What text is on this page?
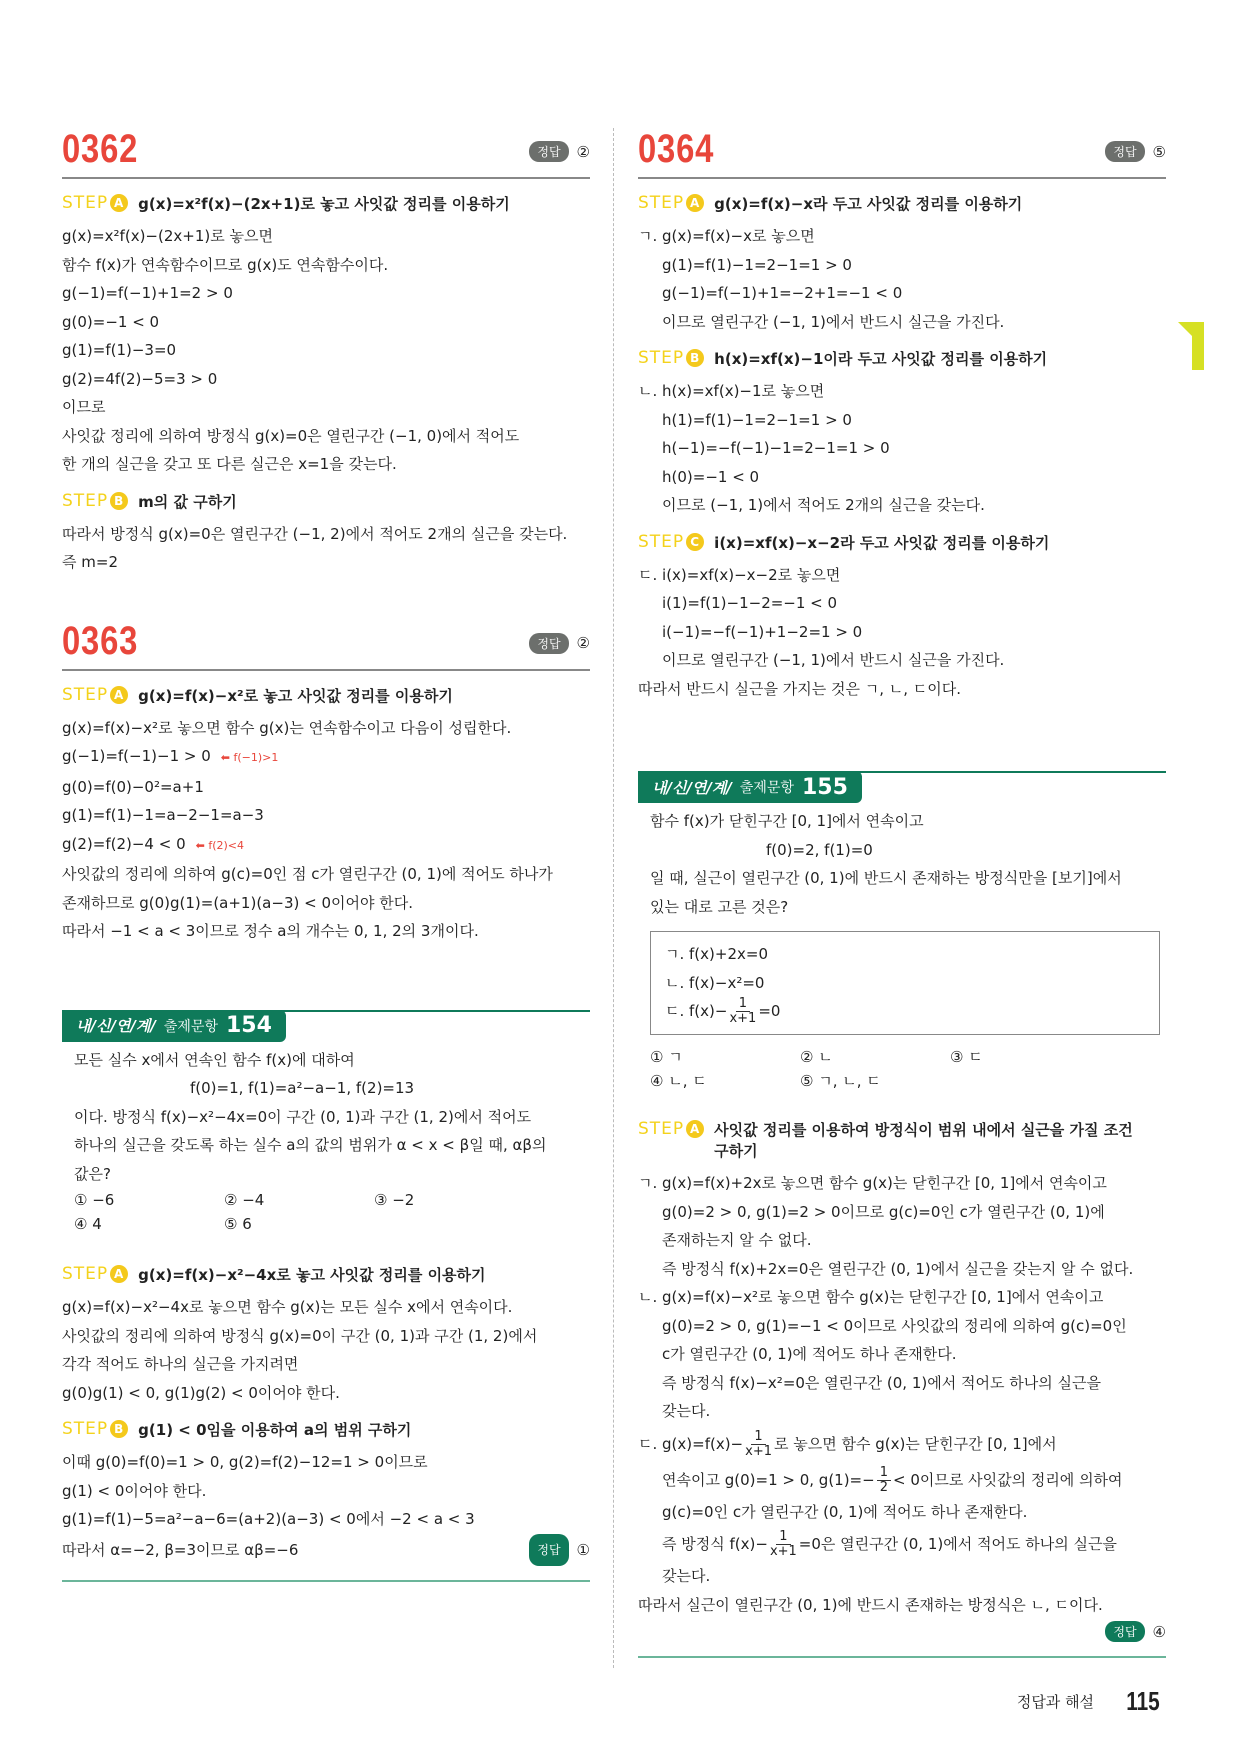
0362	정답	②
STEP A g(x)=x²f(x)−(2x+1)로 놓고 사잇값 정리를 이용하기
g(x)=x²f(x)−(2x+1)로 놓으면
함수 f(x)가 연속함수이므로 g(x)도 연속함수이다.
g(−1)=f(−1)+1=2 > 0
g(0)=−1 < 0
g(1)=f(1)−3=0
g(2)=4f(2)−5=3 > 0
이므로
사잇값 정리에 의하여 방정식 g(x)=0은 열린구간 (−1, 0)에서 적어도
한 개의 실근을 갖고 또 다른 실근은 x=1을 갖는다.
STEP B m의 값 구하기
따라서 방정식 g(x)=0은 열린구간 (−1, 2)에서 적어도 2개의 실근을 갖는다.
즉 m=2
0363	정답	②
STEP A g(x)=f(x)−x²로 놓고 사잇값 정리를 이용하기
g(x)=f(x)−x²로 놓으면 함수 g(x)는 연속함수이고 다음이 성립한다.
g(−1)=f(−1)−1 > 0 ⬅ f(−1)>1
g(0)=f(0)−0²=a+1
g(1)=f(1)−1=a−2−1=a−3
g(2)=f(2)−4 < 0 ⬅ f(2)<4
사잇값의 정리에 의하여 g(c)=0인 점 c가 열린구간 (0, 1)에 적어도 하나가
존재하므로 g(0)g(1)=(a+1)(a−3) < 0이어야 한다.
따라서 −1 < a < 3이므로 정수 a의 개수는 0, 1, 2의 3개이다.
내/신/연/계/ 출제문항 154
모든 실수 x에서 연속인 함수 f(x)에 대하여
f(0)=1, f(1)=a²−a−1, f(2)=13
이다. 방정식 f(x)−x²−4x=0이 구간 (0, 1)과 구간 (1, 2)에서 적어도
하나의 실근을 갖도록 하는 실수 a의 값의 범위가 α < x < β일 때, αβ의
값은?
① −6	② −4	③ −2
④ 4	⑤ 6
STEP A g(x)=f(x)−x²−4x로 놓고 사잇값 정리를 이용하기
g(x)=f(x)−x²−4x로 놓으면 함수 g(x)는 모든 실수 x에서 연속이다.
사잇값의 정리에 의하여 방정식 g(x)=0이 구간 (0, 1)과 구간 (1, 2)에서
각각 적어도 하나의 실근을 가지려면
g(0)g(1) < 0, g(1)g(2) < 0이어야 한다.
STEP B g(1) < 0임을 이용하여 a의 범위 구하기
이때 g(0)=f(0)=1 > 0, g(2)=f(2)−12=1 > 0이므로
g(1) < 0이어야 한다.
g(1)=f(1)−5=a²−a−6=(a+2)(a−3) < 0에서 −2 < a < 3
따라서 α=−2, β=3이므로 αβ=−6	정답	①
0364	정답	⑤
STEP A g(x)=f(x)−x라 두고 사잇값 정리를 이용하기
ㄱ. g(x)=f(x)−x로 놓으면
g(1)=f(1)−1=2−1=1 > 0
g(−1)=f(−1)+1=−2+1=−1 < 0
이므로 열린구간 (−1, 1)에서 반드시 실근을 가진다.
STEP B h(x)=xf(x)−1이라 두고 사잇값 정리를 이용하기
ㄴ. h(x)=xf(x)−1로 놓으면
h(1)=f(1)−1=2−1=1 > 0
h(−1)=−f(−1)−1=2−1=1 > 0
h(0)=−1 < 0
이므로 (−1, 1)에서 적어도 2개의 실근을 갖는다.
STEP C i(x)=xf(x)−x−2라 두고 사잇값 정리를 이용하기
ㄷ. i(x)=xf(x)−x−2로 놓으면
i(1)=f(1)−1−2=−1 < 0
i(−1)=−f(−1)+1−2=1 > 0
이므로 열린구간 (−1, 1)에서 반드시 실근을 가진다.
따라서 반드시 실근을 가지는 것은 ㄱ, ㄴ, ㄷ이다.
내/신/연/계/ 출제문항 155
함수 f(x)가 닫힌구간 [0, 1]에서 연속이고
f(0)=2, f(1)=0
일 때, 실근이 열린구간 (0, 1)에 반드시 존재하는 방정식만을 [보기]에서
있는 대로 고른 것은?
ㄱ. f(x)+2x=0
ㄴ. f(x)−x²=0
ㄷ. $f(x)- \frac{1}{x+1} =0$
① ㄱ	② ㄴ	③ ㄷ
④ ㄴ, ㄷ	⑤ ㄱ, ㄴ, ㄷ
STEP A 사잇값 정리를 이용하여 방정식이 범위 내에서 실근을 가질 조건 구하기
ㄱ. g(x)=f(x)+2x로 놓으면 함수 g(x)는 닫힌구간 [0, 1]에서 연속이고
g(0)=2 > 0, g(1)=2 > 0이므로 g(c)=0인 c가 열린구간 (0, 1)에
존재하는지 알 수 없다.
즉 방정식 f(x)+2x=0은 열린구간 (0, 1)에서 실근을 갖는지 알 수 없다.
ㄴ. g(x)=f(x)−x²로 놓으면 함수 g(x)는 닫힌구간 [0, 1]에서 연속이고
g(0)=2 > 0, g(1)=−1 < 0이므로 사잇값의 정리에 의하여 g(c)=0인
c가 열린구간 (0, 1)에 적어도 하나 존재한다.
즉 방정식 f(x)−x²=0은 열린구간 (0, 1)에서 적어도 하나의 실근을
갖는다.
ㄷ. $g(x)=f(x)- \frac{1}{x+1}$ 로 놓으면 함수 g(x)는 닫힌구간 [0, 1]에서
연속이고 g(0)=1 > 0, $g(1)=- \frac{1}{2} < 0$이므로 사잇값의 정리에 의하여
g(c)=0인 c가 열린구간 (0, 1)에 적어도 하나 존재한다.
즉 방정식 $f(x)- \frac{1}{x+1} =0$은 열린구간 (0, 1)에서 적어도 하나의 실근을
갖는다.
따라서 실근이 열린구간 (0, 1)에 반드시 존재하는 방정식은 ㄴ, ㄷ이다.
정답	④
정답과 해설 115
